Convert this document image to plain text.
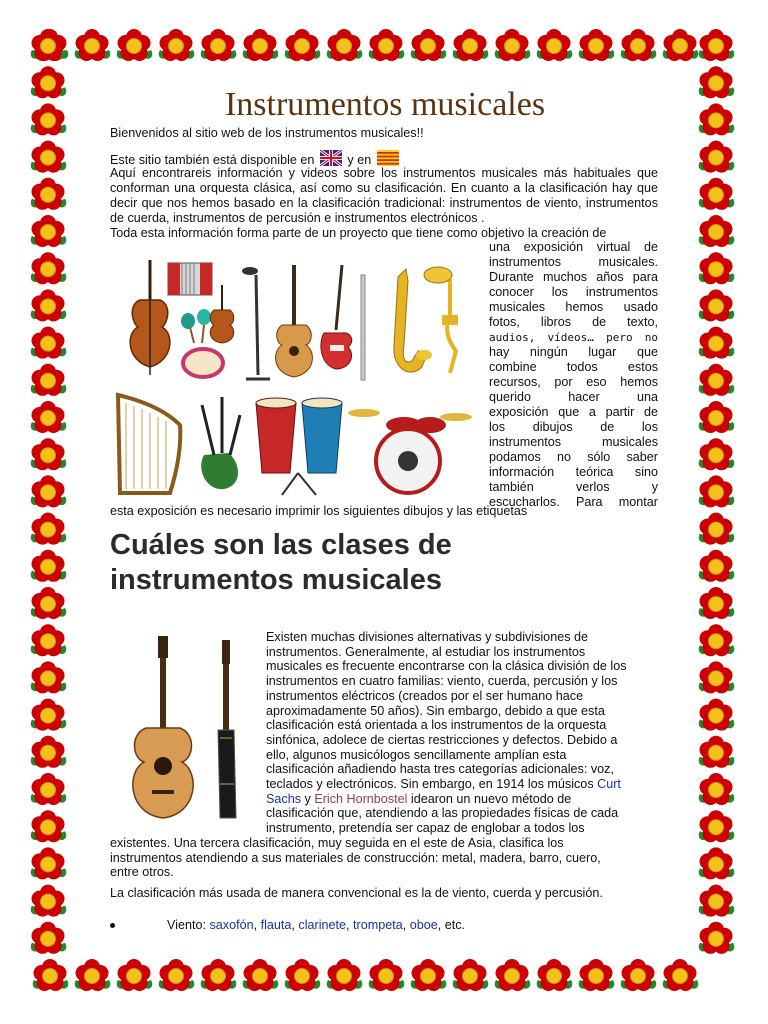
Instrumentos musicales

Bienvenidos al sitio web de los instrumentos musicales!!

Este sitio también está disponible en	y en

Aquí encontrareis información y videos sobre los instrumentos musicales más habituales que conforman una orquesta clásica, así como su clasificación. En cuanto a la clasificación hay que decir que nos hemos basado en la clasificación tradicional: instrumentos de viento, instrumentos de cuerda, instrumentos de percusión e instrumentos electrónicos .

Toda esta información forma parte de un proyecto que tiene como objetivo la creación de

una exposición virtual de
instrumentos musicales.
Durante muchos años para
conocer los instrumentos
musicales hemos usado
fotos, libros de texto,
audios, vídeos… pero no
hay ningún lugar que
combine todos estos
recursos, por eso hemos
querido hacer una
exposición que a partir de
los dibujos de los
instrumentos musicales
podamos no sólo saber
información teórica sino
también verlos y
escucharlos. Para montar

esta exposición es necesario imprimir los siguientes dibujos y las etiquetas

Cuáles son las clases de instrumentos musicales
Existen muchas divisiones alternativas y subdivisiones de
instrumentos. Generalmente, al estudiar los instrumentos
musicales es frecuente encontrarse con la clásica división de los
instrumentos en cuatro familias: viento, cuerda, percusión y los
instrumentos eléctricos (creados por el ser humano hace
aproximadamente 50 años). Sin embargo, debido a que esta
clasificación está orientada a los instrumentos de la orquesta
sinfónica, adolece de ciertas restricciones y defectos. Debido a
ello, algunos musicólogos sencillamente amplían esta
clasificación añadiendo hasta tres categorías adicionales: voz,
teclados y electrónicos. Sin embargo, en 1914 los músicos Curt
Sachs y Erich Hornbostel idearon un nuevo método de

clasificación que, atendiendo a las propiedades físicas de cada
instrumento, pretendía ser capaz de englobar a todos los

existentes. Una tercera clasificación, muy seguida en el este de Asia, clasifica los
instrumentos atendiendo a sus materiales de construcción: metal, madera, barro, cuero,
entre otros.

La clasificación más usada de manera convencional es la de viento, cuerda y percusión.

Viento: saxofón, flauta, clarinete, trompeta, oboe, etc.
